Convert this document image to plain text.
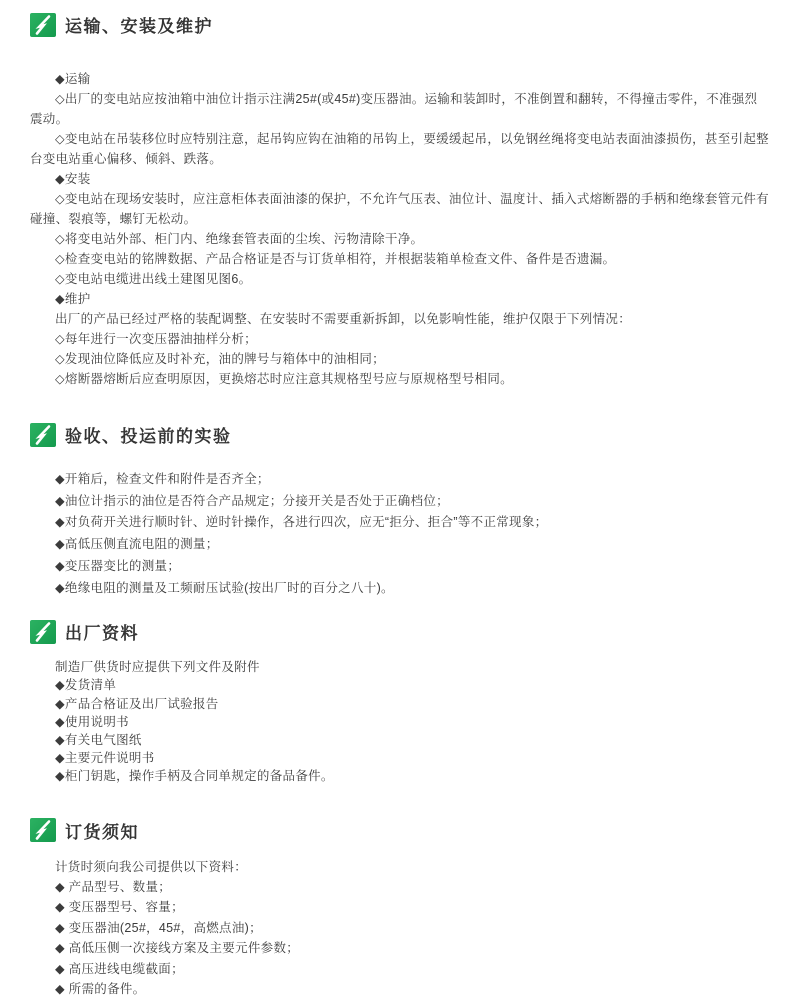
运输、安装及维护

◆运输

◇出厂的变电站应按油箱中油位计指示注满25#(或45#)变压器油。运输和装卸时，不准倒置和翻转，不得撞击零件，不准强烈震动。

◇变电站在吊装移位时应特别注意，起吊钩应钩在油箱的吊钩上，要缓缓起吊，以免钢丝绳将变电站表面油漆损伤，甚至引起整台变电站重心偏移、倾斜、跌落。

◆安装

◇变电站在现场安装时，应注意柜体表面油漆的保护，不允许气压表、油位计、温度计、插入式熔断器的手柄和绝缘套管元件有碰撞、裂痕等，螺钉无松动。

◇将变电站外部、柜门内、绝缘套管表面的尘埃、污物清除干净。

◇检查变电站的铭牌数据、产品合格证是否与订货单相符，并根据装箱单检查文件、备件是否遗漏。

◇变电站电缆进出线土建图见图6。

◆维护

出厂的产品已经过严格的装配调整、在安装时不需要重新拆卸，以免影响性能，维护仅限于下列情况：

◇每年进行一次变压器油抽样分析；

◇发现油位降低应及时补充，油的牌号与箱体中的油相同；

◇熔断器熔断后应查明原因，更换熔芯时应注意其规格型号应与原规格型号相同。

验收、投运前的实验

◆开箱后，检查文件和附件是否齐全；

◆油位计指示的油位是否符合产品规定；分接开关是否处于正确档位；

◆对负荷开关进行顺时针、逆时针操作，各进行四次，应无“拒分、拒合”等不正常现象；

◆高低压侧直流电阻的测量；

◆变压器变比的测量；

◆绝缘电阻的测量及工频耐压试验(按出厂时的百分之八十)。

出厂资料

制造厂供货时应提供下列文件及附件

◆发货清单

◆产品合格证及出厂试验报告

◆使用说明书

◆有关电气图纸

◆主要元件说明书

◆柜门钥匙，操作手柄及合同单规定的备品备件。

订货须知

计货时须向我公司提供以下资料：

◆ 产品型号、数量；

◆ 变压器型号、容量；

◆ 变压器油(25#，45#，高燃点油)；

◆ 高低压侧一次接线方案及主要元件参数；

◆ 高压进线电缆截面；

◆ 所需的备件。
